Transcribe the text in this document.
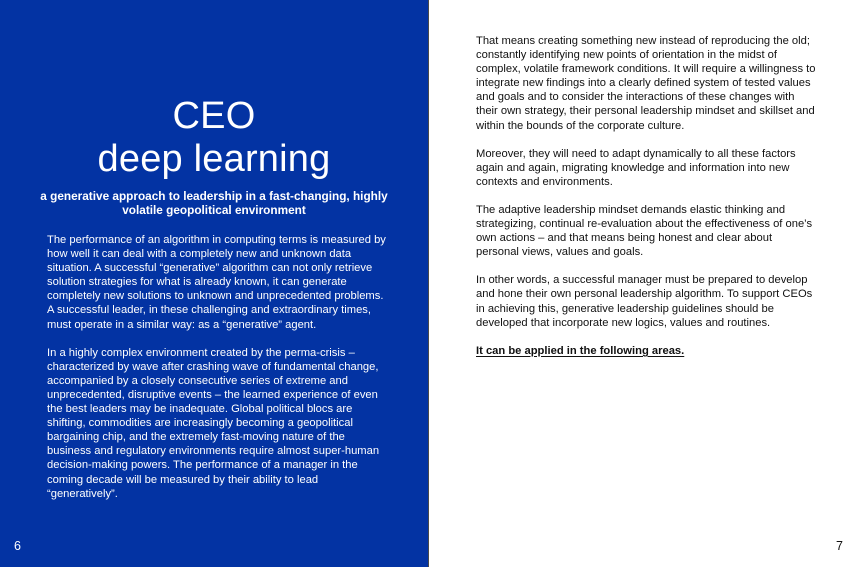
CEO
deep learning
a generative approach to leadership in a fast-changing, highly volatile geopolitical environment

The performance of an algorithm in computing terms is measured by how well it can deal with a completely new and unknown data situation. A successful “generative” algorithm can not only retrieve solution strategies for what is already known, it can generate completely new solutions to unknown and unprecedented problems. A successful leader, in these challenging and extraordinary times, must operate in a similar way: as a “generative” agent.

In a highly complex environment created by the perma-crisis – characterized by wave after crashing wave of fundamental change, accompanied by a closely consecutive series of extreme and unprecedented, disruptive events – the learned experience of even the best leaders may be inadequate. Global political blocs are shifting, commodities are increasingly becoming a geopolitical bargaining chip, and the extremely fast-moving nature of the business and regulatory environments require almost super-human decision-making powers. The performance of a manager in the coming decade will be measured by their ability to lead “generatively”.

6

That means creating something new instead of reproducing the old; constantly identifying new points of orientation in the midst of complex, volatile framework conditions. It will require a willingness to integrate new findings into a clearly defined system of tested values and goals and to consider the interactions of these changes with their own strategy, their personal leadership mindset and skillset and within the bounds of the corporate culture.

Moreover, they will need to adapt dynamically to all these factors again and again, migrating knowledge and information into new contexts and environments.

The adaptive leadership mindset demands elastic thinking and strategizing, continual re-evaluation about the effectiveness of one’s own actions – and that means being honest and clear about personal views, values and goals.

In other words, a successful manager must be prepared to develop and hone their own personal leadership algorithm. To support CEOs in achieving this, generative leadership guidelines should be developed that incorporate new logics, values and routines.

It can be applied in the following areas.

7
